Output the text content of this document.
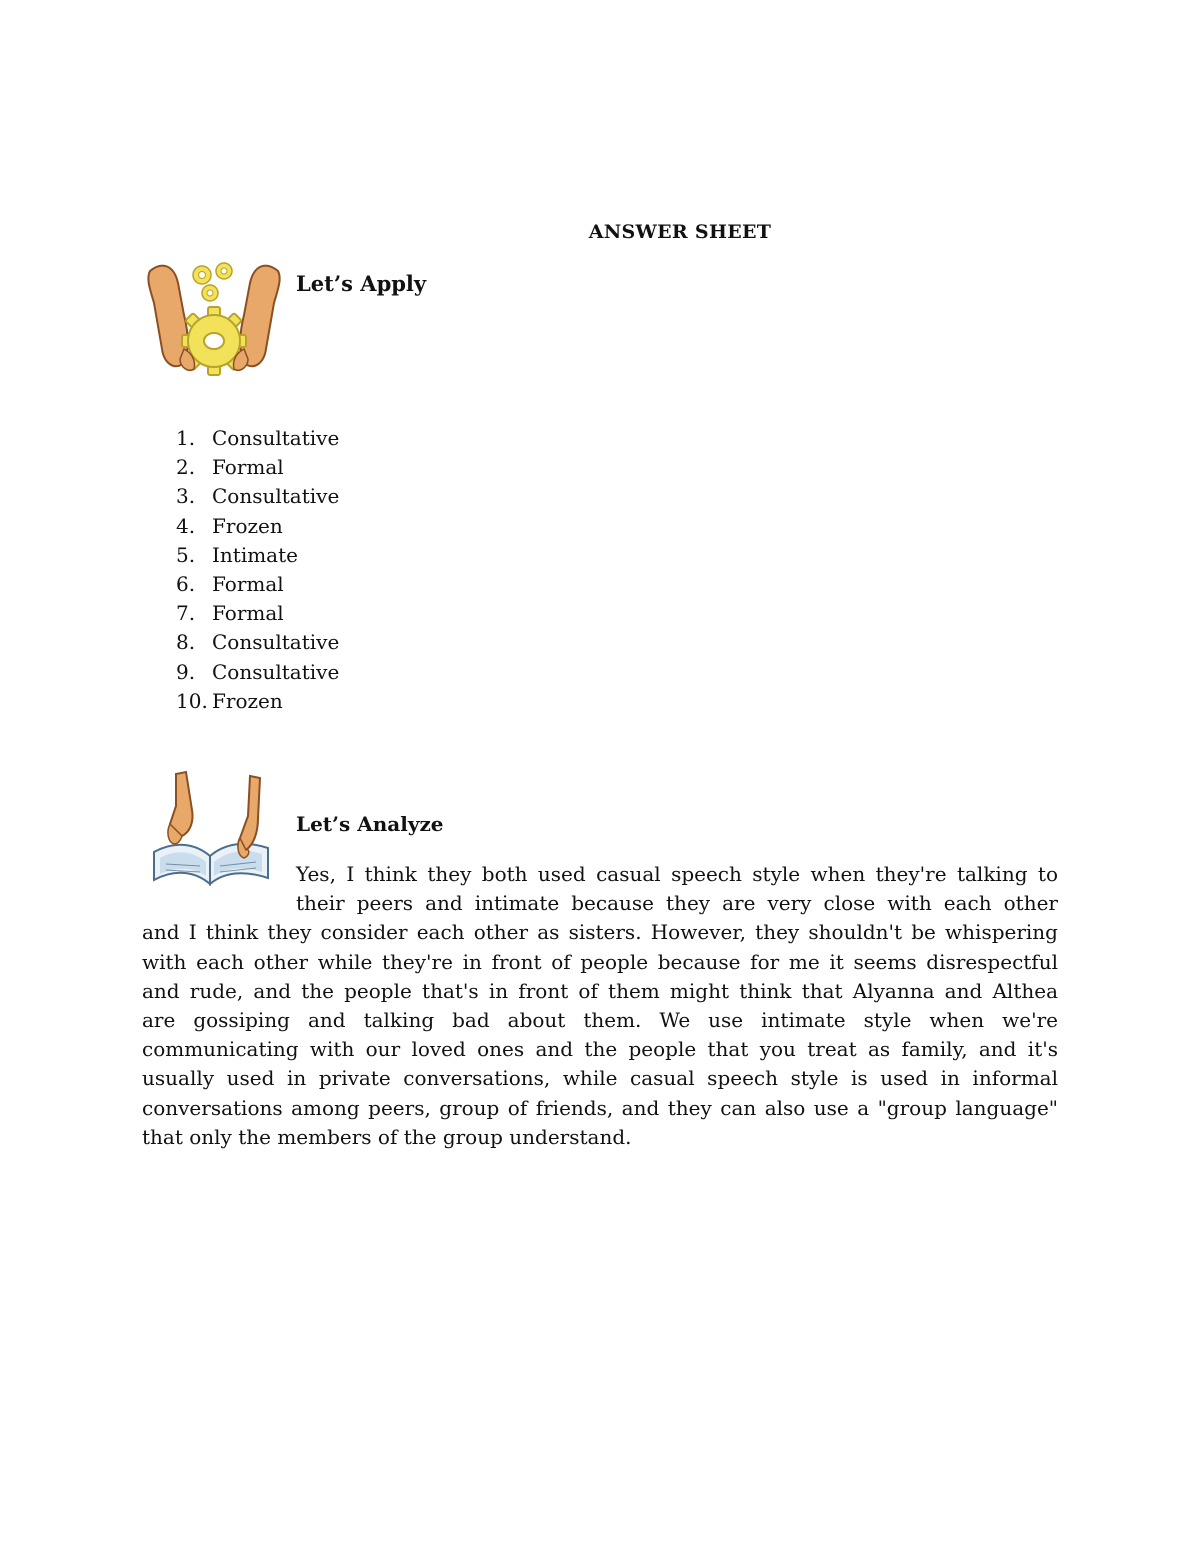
ANSWER SHEET
Let’s Apply
1. Consultative
2. Formal
3. Consultative
4. Frozen
5. Intimate
6. Formal
7. Formal
8. Consultative
9. Consultative
10. Frozen
Let’s Analyze
Yes, I think they both used casual speech style when they're talking to
their peers and intimate because they are very close with each other
and I think they consider each other as sisters. However, they shouldn't be whispering
with each other while they're in front of people because for me it seems disrespectful
and rude, and the people that's in front of them might think that Alyanna and Althea
are gossiping and talking bad about them. We use intimate style when we're
communicating with our loved ones and the people that you treat as family, and it's
usually used in private conversations, while casual speech style is used in informal
conversations among peers, group of friends, and they can also use a "group language"
that only the members of the group understand.
